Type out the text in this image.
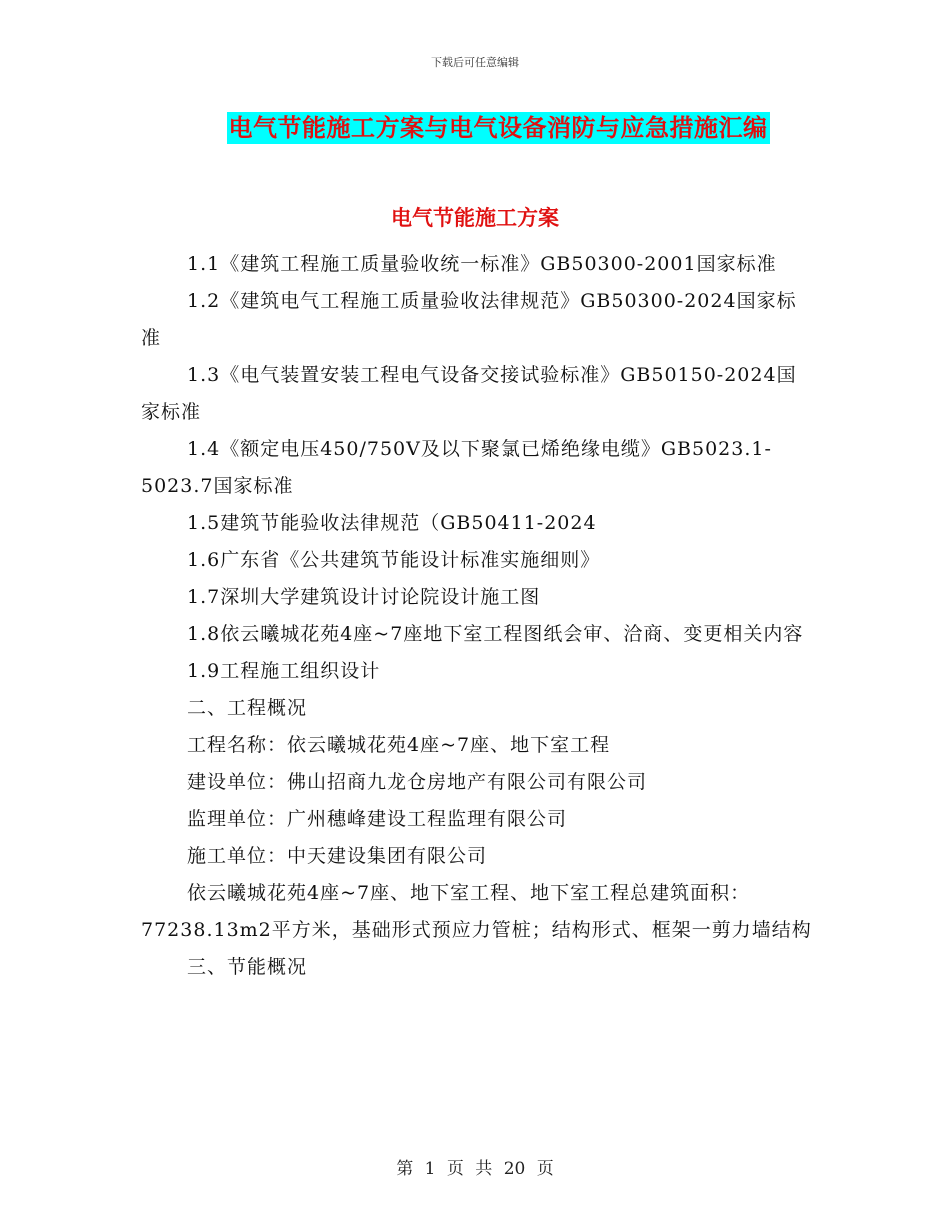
下载后可任意编辑
电气节能施工方案与电气设备消防与应急措施汇编
电气节能施工方案

1.1《建筑工程施工质量验收统一标准》GB50300-2001国家标准

1.2《建筑电气工程施工质量验收法律规范》GB50300-2024国家标准

1.3《电气装置安装工程电气设备交接试验标准》GB50150-2024国家标准

1.4《额定电压450/750V及以下聚氯已烯绝缘电缆》GB5023.1-5023.7国家标准

1.5建筑节能验收法律规范（GB50411-2024

1.6广东省《公共建筑节能设计标准实施细则》

1.7深圳大学建筑设计讨论院设计施工图

1.8依云曦城花苑4座~7座地下室工程图纸会审、洽商、变更相关内容

1.9工程施工组织设计

二、工程概况

工程名称：依云曦城花苑4座~7座、地下室工程

建设单位：佛山招商九龙仓房地产有限公司有限公司

监理单位：广州穗峰建设工程监理有限公司

施工单位：中天建设集团有限公司

依云曦城花苑4座~7座、地下室工程、地下室工程总建筑面积：77238.13m2平方米，基础形式预应力管桩；结构形式、框架一剪力墙结构

三、节能概况

第 1 页 共 20 页
